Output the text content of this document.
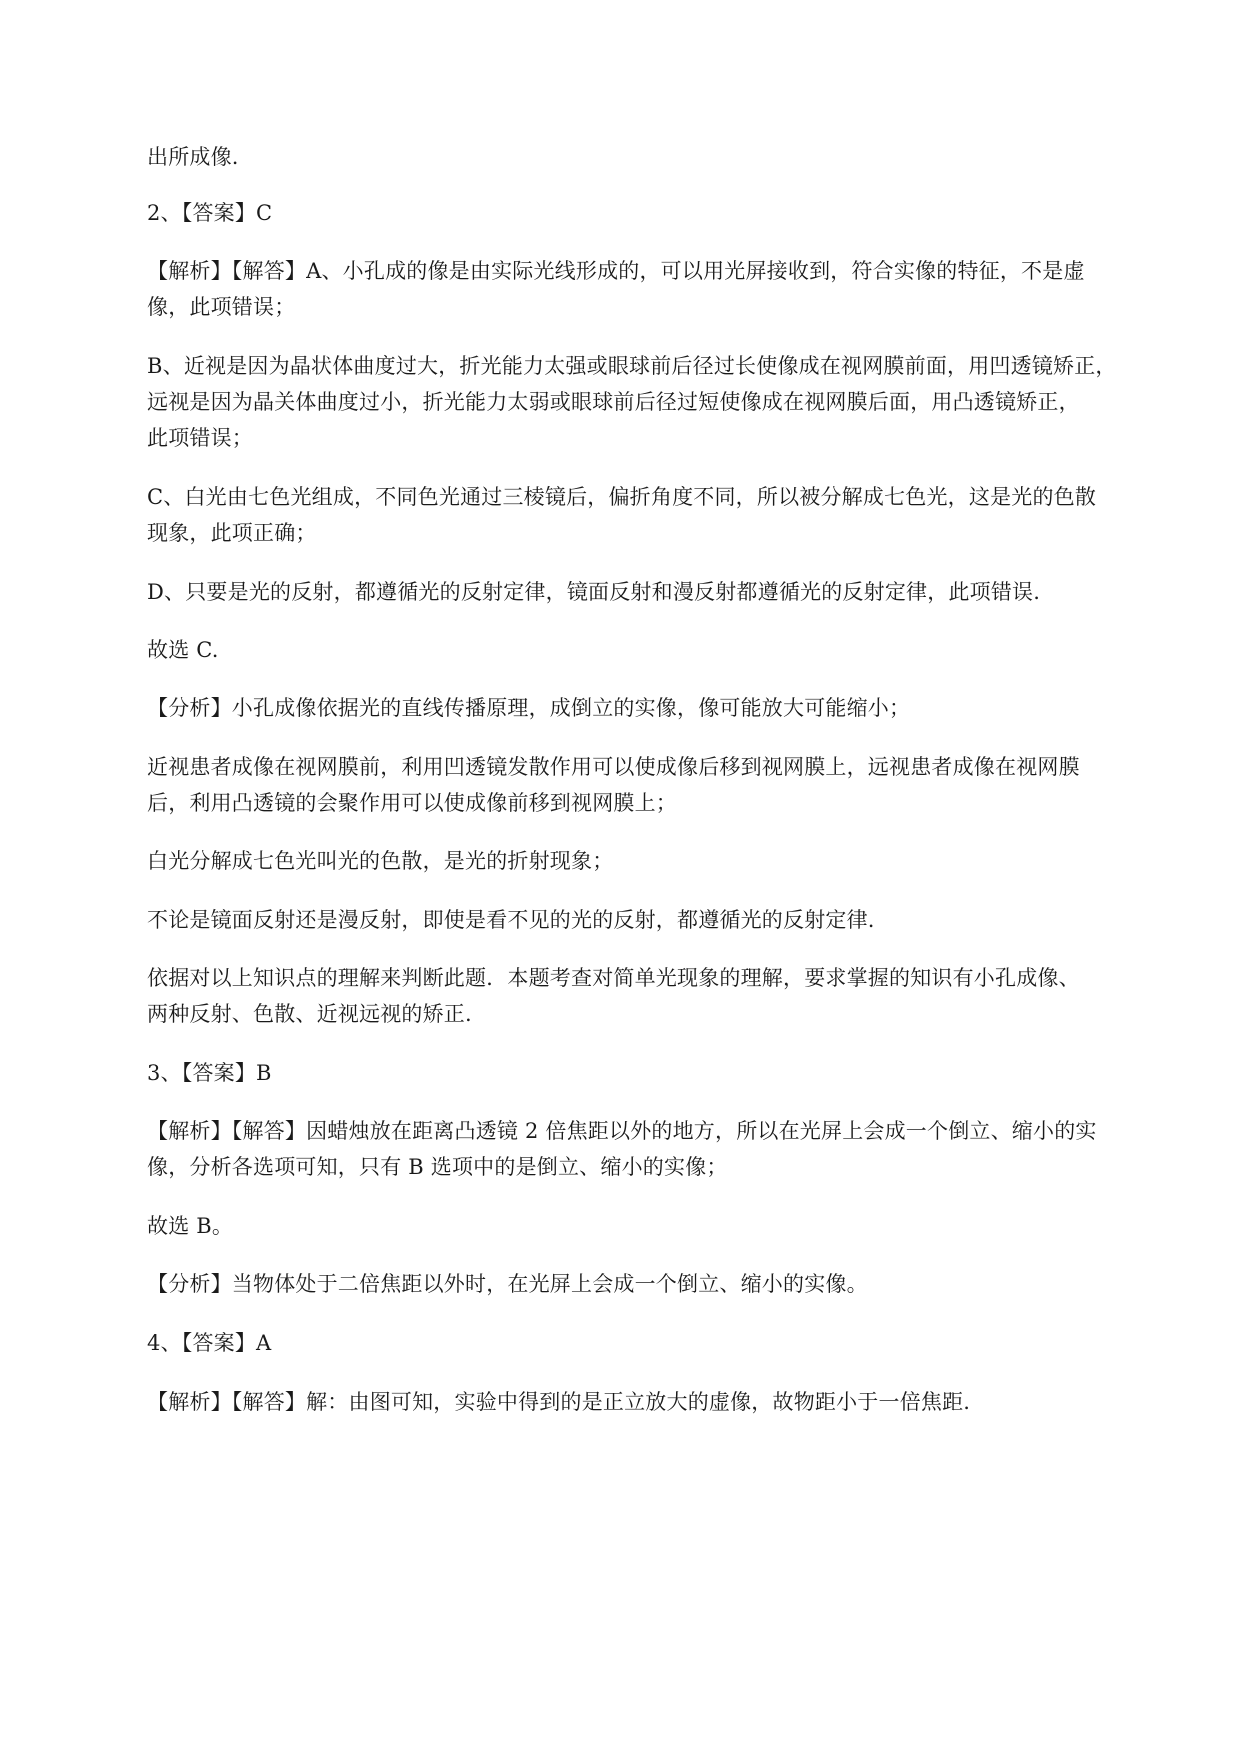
出所成像.
2、【答案】C
【解析】【解答】A、小孔成的像是由实际光线形成的，可以用光屏接收到，符合实像的特征，不是虚
像，此项错误；
B、近视是因为晶状体曲度过大，折光能力太强或眼球前后径过长使像成在视网膜前面，用凹透镜矫正，
远视是因为晶关体曲度过小，折光能力太弱或眼球前后径过短使像成在视网膜后面，用凸透镜矫正，
此项错误；
C、白光由七色光组成，不同色光通过三棱镜后，偏折角度不同，所以被分解成七色光，这是光的色散
现象，此项正确；
D、只要是光的反射，都遵循光的反射定律，镜面反射和漫反射都遵循光的反射定律，此项错误.
故选 C.
【分析】小孔成像依据光的直线传播原理，成倒立的实像，像可能放大可能缩小；
近视患者成像在视网膜前，利用凹透镜发散作用可以使成像后移到视网膜上，远视患者成像在视网膜
后，利用凸透镜的会聚作用可以使成像前移到视网膜上；
白光分解成七色光叫光的色散，是光的折射现象；
不论是镜面反射还是漫反射，即使是看不见的光的反射，都遵循光的反射定律.
依据对以上知识点的理解来判断此题．本题考查对简单光现象的理解，要求掌握的知识有小孔成像、
两种反射、色散、近视远视的矫正.
3、【答案】B
【解析】【解答】因蜡烛放在距离凸透镜 2 倍焦距以外的地方，所以在光屏上会成一个倒立、缩小的实
像，分析各选项可知，只有 B 选项中的是倒立、缩小的实像；
故选 B。
【分析】当物体处于二倍焦距以外时，在光屏上会成一个倒立、缩小的实像。
4、【答案】A
【解析】【解答】解：由图可知，实验中得到的是正立放大的虚像，故物距小于一倍焦距.
